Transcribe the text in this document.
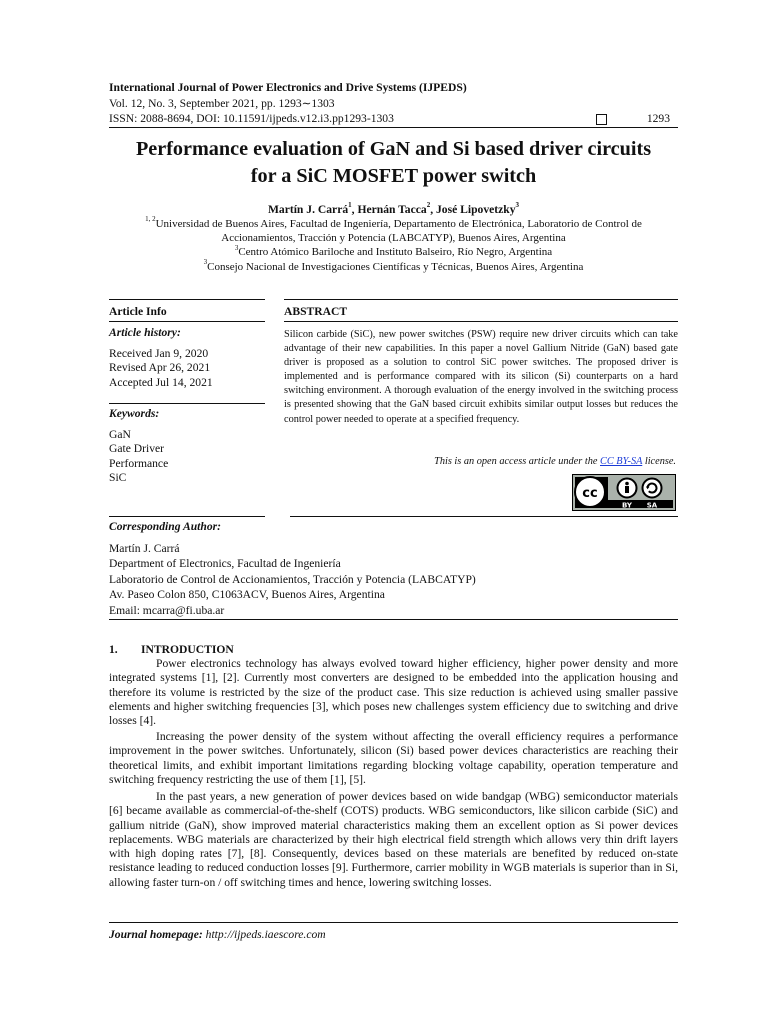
International Journal of Power Electronics and Drive Systems (IJPEDS)
Vol. 12, No. 3, September 2021, pp. 1293∼1303
ISSN: 2088-8694, DOI: 10.11591/ijpeds.v12.i3.pp1293-1303	1293
Performance evaluation of GaN and Si based driver circuits
for a SiC MOSFET power switch
Martín J. Carrá$^1$, Hernán Tacca$^2$, José Lipovetzky$^3$
$^{1, 2}$Universidad de Buenos Aires, Facultad de Ingeniería, Departamento de Electrónica, Laboratorio de Control de
Accionamientos, Tracción y Potencia (LABCATYP), Buenos Aires, Argentina
$^3$Centro Atómico Bariloche and Instituto Balseiro, Río Negro, Argentina
$^3$Consejo Nacional de Investigaciones Científicas y Técnicas, Buenos Aires, Argentina
Article Info	ABSTRACT
Article history:
Received Jan 9, 2020
Revised Apr 26, 2021
Accepted Jul 14, 2021
Keywords:
GaN
Gate Driver
Performance
SiC
Silicon carbide (SiC), new power switches (PSW) require new driver circuits which can take advantage of their new capabilities. In this paper a novel Gallium Nitride (GaN) based gate driver is proposed as a solution to control SiC power switches. The proposed driver is implemented and is performance compared with its silicon (Si) counterparts on a hard switching environment. A thorough evaluation of the energy involved in the switching process is presented showing that the GaN based circuit exhibits similar output losses but reduces the control power needed to operate at a specified frequency.
This is an open access article under the CC BY-SA license.
cc
BY SA
Corresponding Author:
Martín J. Carrá
Department of Electronics, Facultad de Ingeniería
Laboratorio de Control de Accionamientos, Tracción y Potencia (LABCATYP)
Av. Paseo Colon 850, C1063ACV, Buenos Aires, Argentina
Email: mcarra@fi.uba.ar
1. INTRODUCTION

Power electronics technology has always evolved toward higher efficiency, higher power density and more integrated systems [1], [2]. Currently most converters are designed to be embedded into the application housing and therefore its volume is restricted by the size of the product case. This size reduction is achieved using smaller passive elements and higher switching frequencies [3], which poses new challenges system efficiency due to switching and drive losses [4].

Increasing the power density of the system without affecting the overall efficiency requires a performance improvement in the power switches. Unfortunately, silicon (Si) based power devices characteristics are reaching their theoretical limits, and exhibit important limitations regarding blocking voltage capability, operation temperature and switching frequency restricting the use of them [1], [5].

In the past years, a new generation of power devices based on wide bandgap (WBG) semiconductor materials [6] became available as commercial-of-the-shelf (COTS) products. WBG semiconductors, like silicon carbide (SiC) and gallium nitride (GaN), show improved material characteristics making them an excellent option as Si power devices replacements. WBG materials are characterized by their high electrical field strength which allows very thin drift layers with high doping rates [7], [8]. Consequently, devices based on these materials are benefited by reduced on-state resistance leading to reduced conduction losses [9]. Furthermore, carrier mobility in WGB materials is superior than in Si, allowing faster turn-on / off switching times and hence, lowering switching losses.

Journal homepage: http://ijpeds.iaescore.com
